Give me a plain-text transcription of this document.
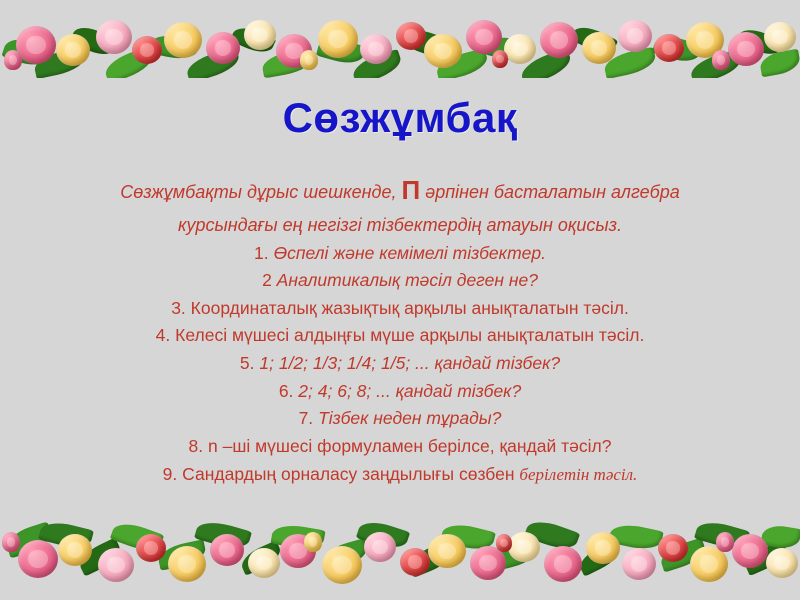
Сөзжұмбақ

Сөзжұмбақты дұрыс шешкенде, П әрпінен басталатын алгебра

курсындағы ең негізгі тізбектердің атауын оқисыз.

1. Өспелі және кемімелі тізбектер.

2 Аналитикалық тәсіл деген не?

3. Координаталық жазықтық арқылы анықталатын тәсіл.

4. Келесі мүшесі алдыңғы мүше арқылы анықталатын тәсіл.

5. 1; 1/2; 1/3; 1/4; 1/5; ... қандай тізбек?

6. 2; 4; 6; 8; ... қандай тізбек?

7. Тізбек неден тұрады?

8. n –ші мүшесі формуламен берілсе, қандай тәсіл?

9. Сандардың орналасу заңдылығы сөзбен берілетін тәсіл.
